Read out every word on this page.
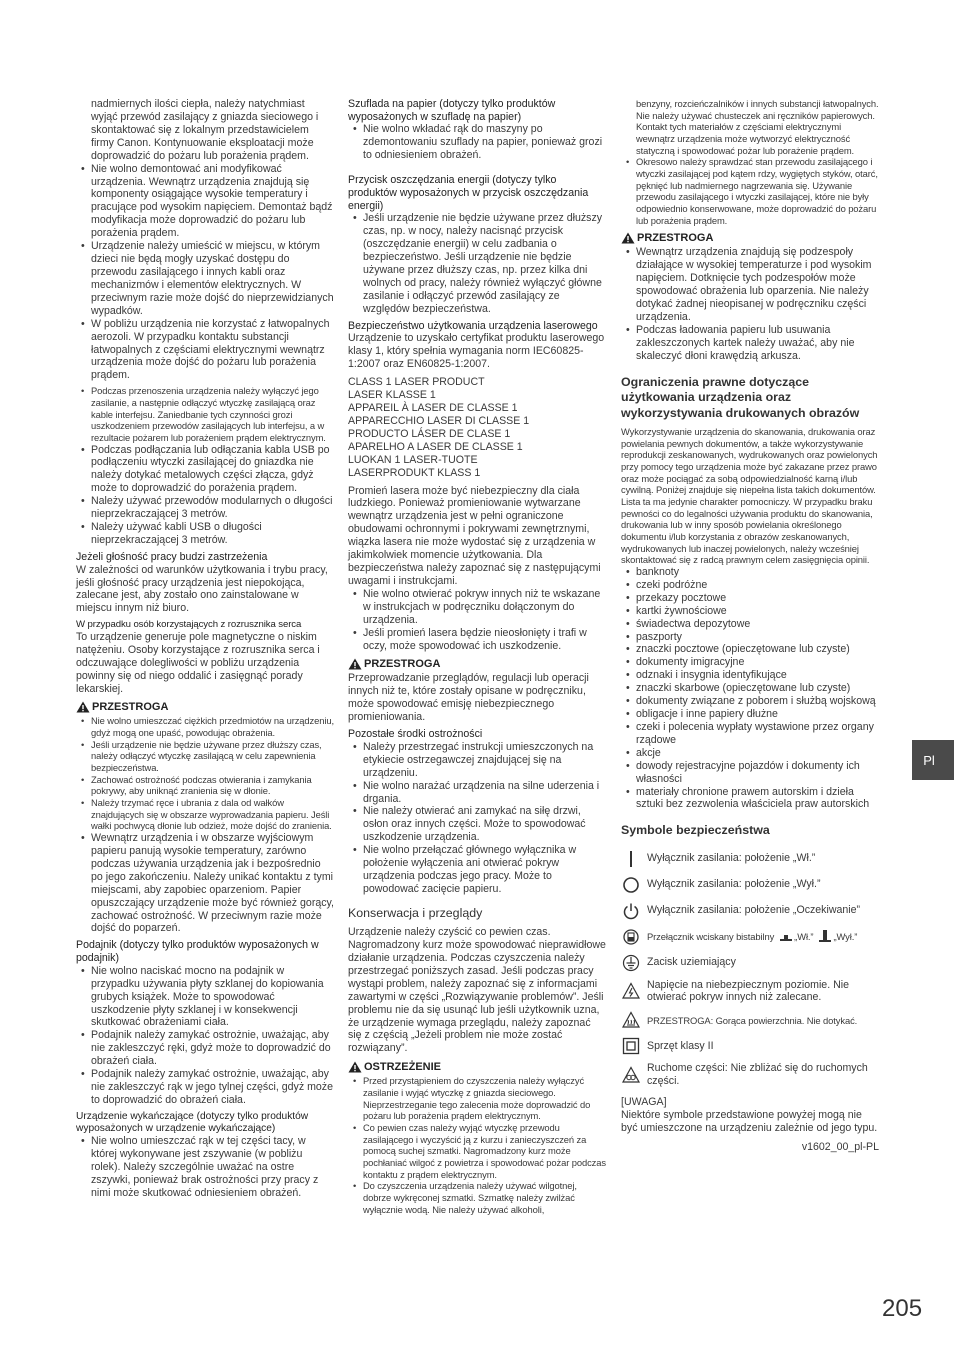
nadmiernych ilości ciepła, należy natychmiast wyjąć przewód zasilający z gniazda sieciowego i skontaktować się z lokalnym przedstawicielem firmy Canon. Kontynuowanie eksploatacji może doprowadzić do pożaru lub porażenia prądem.

• Nie wolno demontować ani modyfikować urządzenia. Wewnątrz urządzenia znajdują się komponenty osiągające wysokie temperatury i pracujące pod wysokim napięciem. Demontaż bądź modyfikacja może doprowadzić do pożaru lub porażenia prądem.
• Urządzenie należy umieścić w miejscu, w którym dzieci nie będą mogły uzyskać dostępu do przewodu zasilającego i innych kabli oraz mechanizmów i elementów elektrycznych. W przeciwnym razie może dojść do nieprzewidzianych wypadków.
• W pobliżu urządzenia nie korzystać z łatwopalnych aerozoli. W przypadku kontaktu substancji łatwopalnych z częściami elektrycznymi wewnątrz urządzenia może dojść do pożaru lub porażenia prądem.
• Podczas przenoszenia urządzenia należy wyłączyć jego zasilanie, a następnie odłączyć wtyczkę zasilającą oraz kable interfejsu. Zaniedbanie tych czynności grozi uszkodzeniem przewodów zasilających lub interfejsu, a w rezultacie pożarem lub porażeniem prądem elektrycznym.
• Podczas podłączania lub odłączania kabla USB po podłączeniu wtyczki zasilającej do gniazdka nie należy dotykać metalowych części złącza, gdyż może to doprowadzić do porażenia prądem.
• Należy używać przewodów modularnych o długości nieprzekraczającej 3 metrów.
• Należy używać kabli USB o długości nieprzekraczającej 3 metrów.

Jeżeli głośność pracy budzi zastrzeżenia

W zależności od warunków użytkowania i trybu pracy, jeśli głośność pracy urządzenia jest niepokojąca, zalecane jest, aby zostało ono zainstalowane w miejscu innym niż biuro.

W przypadku osób korzystających z rozrusznika serca

To urządzenie generuje pole magnetyczne o niskim natężeniu. Osoby korzystające z rozrusznika serca i odczuwające dolegliwości w pobliżu urządzenia powinny się od niego oddalić i zasięgnąć porady lekarskiej.

PRZESTROGA
• Nie wolno umieszczać ciężkich przedmiotów na urządzeniu, gdyż mogą one upaść, powodując obrażenia.
• Jeśli urządzenie nie będzie używane przez dłuższy czas, należy odłączyć wtyczkę zasilającą w celu zapewnienia bezpieczeństwa.
• Zachować ostrożność podczas otwierania i zamykania pokrywy, aby uniknąć zranienia się w dłonie.
• Należy trzymać ręce i ubrania z dala od wałków znajdujących się w obszarze wyprowadzania papieru. Jeśli wałki pochwycą dłonie lub odzież, może dojść do zranienia.
• Wewnątrz urządzenia i w obszarze wyjściowym papieru panują wysokie temperatury, zarówno podczas używania urządzenia jak i bezpośrednio po jego zakończeniu. Należy unikać kontaktu z tymi miejscami, aby zapobiec oparzeniom. Papier opuszczający urządzenie może być również gorący, zachować ostrożność. W przeciwnym razie może dojść do poparzeń.

Podajnik (dotyczy tylko produktów wyposażonych w podajnik)

• Nie wolno naciskać mocno na podajnik w przypadku używania płyty szklanej do kopiowania grubych książek. Może to spowodować uszkodzenie płyty szklanej i w konsekwencji skutkować obrażeniami ciała.
• Podajnik należy zamykać ostrożnie, uważając, aby nie zakleszczyć ręki, gdyż może to doprowadzić do obrażeń ciała.
• Podajnik należy zamykać ostrożnie, uważając, aby nie zakleszczyć rąk w jego tylnej części, gdyż może to doprowadzić do obrażeń ciała.

Urządzenie wykańczające (dotyczy tylko produktów wyposażonych w urządzenie wykańczające)

• Nie wolno umieszczać rąk w tej części tacy, w której wykonywane jest zszywanie (w pobliżu rolek). Należy szczególnie uważać na ostre zszywki, ponieważ brak ostrożności przy pracy z nimi może skutkować odniesieniem obrażeń.

Szuflada na papier (dotyczy tylko produktów wyposażonych w szufladę na papier)

• Nie wolno wkładać rąk do maszyny po zdemontowaniu szuflady na papier, ponieważ grozi to odniesieniem obrażeń.

Przycisk oszczędzania energii (dotyczy tylko produktów wyposażonych w przycisk oszczędzania energii)

• Jeśli urządzenie nie będzie używane przez dłuższy czas, np. w nocy, należy nacisnąć przycisk (oszczędzanie energii) w celu zadbania o bezpieczeństwo. Jeśli urządzenie nie będzie używane przez dłuższy czas, np. przez kilka dni wolnych od pracy, należy również wyłączyć główne zasilanie i odłączyć przewód zasilający ze względów bezpieczeństwa.

Bezpieczeństwo użytkowania urządzenia laserowego

Urządzenie to uzyskało certyfikat produktu laserowego klasy 1, który spełnia wymagania norm IEC60825-1:2007 oraz EN60825-1:2007.

CLASS 1 LASER PRODUCT

LASER KLASSE 1

APPAREIL À LASER DE CLASSE 1

APPARECCHIO LASER DI CLASSE 1

PRODUCTO LÁSER DE CLASE 1

APARELHO A LASER DE CLASSE 1

LUOKAN 1 LASER-TUOTE

LASERPRODUKT KLASS 1

Promień lasera może być niebezpieczny dla ciała ludzkiego. Ponieważ promieniowanie wytwarzane wewnątrz urządzenia jest w pełni ograniczone obudowami ochronnymi i pokrywami zewnętrznymi, wiązka lasera nie może wydostać się z urządzenia w jakimkolwiek momencie użytkowania. Dla bezpieczeństwa należy zapoznać się z następującymi uwagami i instrukcjami.

• Nie wolno otwierać pokryw innych niż te wskazane w instrukcjach w podręczniku dołączonym do urządzenia.
• Jeśli promień lasera będzie nieosłonięty i trafi w oczy, może spowodować ich uszkodzenie.
PRZESTROGA

Przeprowadzanie przeglądów, regulacji lub operacji innych niż te, które zostały opisane w podręczniku, może spowodować emisję niebezpiecznego promieniowania.

Pozostałe środki ostrożności

• Należy przestrzegać instrukcji umieszczonych na etykiecie ostrzegawczej znajdującej się na urządzeniu.
• Nie wolno narażać urządzenia na silne uderzenia i drgania.
• Nie należy otwierać ani zamykać na siłę drzwi, osłon oraz innych części. Może to spowodować uszkodzenie urządzenia.
• Nie wolno przełączać głównego wyłącznika w położenie wyłączenia ani otwierać pokryw urządzenia podczas jego pracy. Może to powodować zacięcie papieru.

Konserwacja i przeglądy

Urządzenie należy czyścić co pewien czas. Nagromadzony kurz może spowodować nieprawidłowe działanie urządzenia. Podczas czyszczenia należy przestrzegać poniższych zasad. Jeśli podczas pracy wystąpi problem, należy zapoznać się z informacjami zawartymi w części „Rozwiązywanie problemów”. Jeśli problemu nie da się usunąć lub jeśli użytkownik uzna, że urządzenie wymaga przeglądu, należy zapoznać się z częścią „Jeżeli problem nie może zostać rozwiązany”.

OSTRZEŻENIE
• Przed przystąpieniem do czyszczenia należy wyłączyć zasilanie i wyjąć wtyczkę z gniazda sieciowego. Nieprzestrzeganie tego zalecenia może doprowadzić do pożaru lub porażenia prądem elektrycznym.
• Co pewien czas należy wyjąć wtyczkę przewodu zasilającego i wyczyścić ją z kurzu i zanieczyszczeń za pomocą suchej szmatki. Nagromadzony kurz może pochłaniać wilgoć z powietrza i spowodować pożar podczas kontaktu z prądem elektrycznym.
• Do czyszczenia urządzenia należy używać wilgotnej, dobrze wykręconej szmatki. Szmatkę należy zwilżać wyłącznie wodą. Nie należy używać alkoholi,

benzyny, rozcieńczalników i innych substancji łatwopalnych. Nie należy używać chusteczek ani ręczników papierowych. Kontakt tych materiałów z częściami elektrycznymi wewnątrz urządzenia może wytworzyć elektryczność statyczną i spowodować pożar lub porażenie prądem.

• Okresowo należy sprawdzać stan przewodu zasilającego i wtyczki zasilającej pod kątem rdzy, wygiętych styków, otarć, pęknięć lub nadmiernego nagrzewania się. Używanie przewodu zasilającego i wtyczki zasilającej, które nie były odpowiednio konserwowane, może doprowadzić do pożaru lub porażenia prądem.
PRZESTROGA
• Wewnątrz urządzenia znajdują się podzespoły działające w wysokiej temperaturze i pod wysokim napięciem. Dotknięcie tych podzespołów może spowodować obrażenia lub oparzenia. Nie należy dotykać żadnej nieopisanej w podręczniku części urządzenia.
• Podczas ładowania papieru lub usuwania zakleszczonych kartek należy uważać, aby nie skaleczyć dłoni krawędzią arkusza.

Ograniczenia prawne dotyczące użytkowania urządzenia oraz wykorzystywania drukowanych obrazów

Wykorzystywanie urządzenia do skanowania, drukowania oraz powielania pewnych dokumentów, a także wykorzystywanie reprodukcji zeskanowanych, wydrukowanych oraz powielonych przy pomocy tego urządzenia może być zakazane przez prawo oraz może pociągać za sobą odpowiedzialność karną i/lub cywilną. Poniżej znajduje się niepełna lista takich dokumentów. Lista ta ma jedynie charakter pomocniczy. W przypadku braku pewności co do legalności używania produktu do skanowania, drukowania lub w inny sposób powielania określonego dokumentu i/lub korzystania z obrazów zeskanowanych, wydrukowanych lub inaczej powielonych, należy wcześniej skontaktować się z radcą prawnym celem zasięgnięcia opinii.

• banknoty
• czeki podróżne
• przekazy pocztowe
• kartki żywnościowe
• świadectwa depozytowe
• paszporty
• znaczki pocztowe (opieczętowane lub czyste)
• dokumenty imigracyjne
• odznaki i insygnia identyfikujące
• znaczki skarbowe (opieczętowane lub czyste)
• dokumenty związane z poborem i służbą wojskową
• obligacje i inne papiery dłużne
• czeki i polecenia wypłaty wystawione przez organy rządowe
• akcje
• dowody rejestracyjne pojazdów i dokumenty ich własności
• materiały chronione prawem autorskim i dzieła sztuki bez zezwolenia właściciela praw autorskich

Symbole bezpieczeństwa

Wyłącznik zasilania: położenie „Wł.”
Wyłącznik zasilania: położenie „Wył.”
Wyłącznik zasilania: położenie „Oczekiwanie”
Przełącznik wciskany bistabilny „Wł.” „Wył.”
Zacisk uziemiający
Napięcie na niebezpiecznym poziomie. Nie otwierać pokryw innych niż zalecane.
PRZESTROGA: Gorąca powierzchnia. Nie dotykać.
Sprzęt klasy II
Ruchome części: Nie zbliżać się do ruchomych części.

[UWAGA]

Niektóre symbole przedstawione powyżej mogą nie być umieszczone na urządzeniu zależnie od jego typu.

v1602_00_pl-PL

Pl
205
